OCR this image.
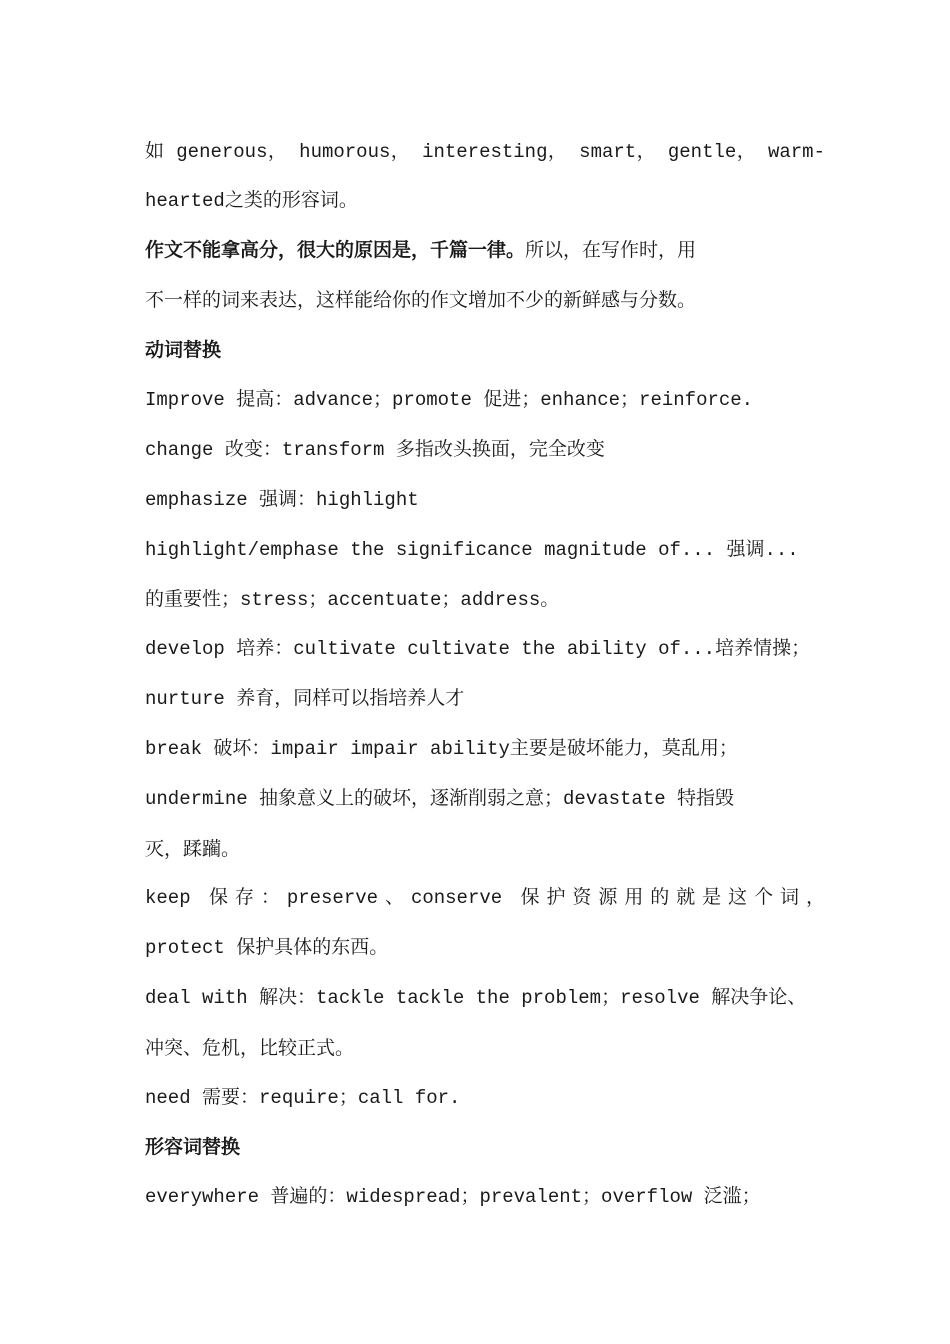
如 generous， humorous， interesting， smart， gentle， warm-
hearted之类的形容词。
作文不能拿高分，很大的原因是，千篇一律。所以，在写作时，用
不一样的词来表达，这样能给你的作文增加不少的新鲜感与分数。
动词替换
Improve 提高：advance；promote 促进；enhance；reinforce.
change 改变：transform 多指改头换面，完全改变
emphasize 强调：highlight
highlight/emphase the significance magnitude of... 强调...
的重要性；stress；accentuate；address。
develop 培养：cultivate cultivate the ability of...培养情操；
nurture 养育，同样可以指培养人才
break 破坏：impair impair ability主要是破坏能力，莫乱用；
undermine 抽象意义上的破坏，逐渐削弱之意；devastate 特指毁
灭，蹂躏。
keep 保存：preserve、conserve 保护资源用的就是这个词，
protect 保护具体的东西。
deal with 解决：tackle tackle the problem；resolve 解决争论、
冲突、危机，比较正式。
need 需要：require；call for.
形容词替换
everywhere 普遍的：widespread；prevalent；overflow 泛滥；
